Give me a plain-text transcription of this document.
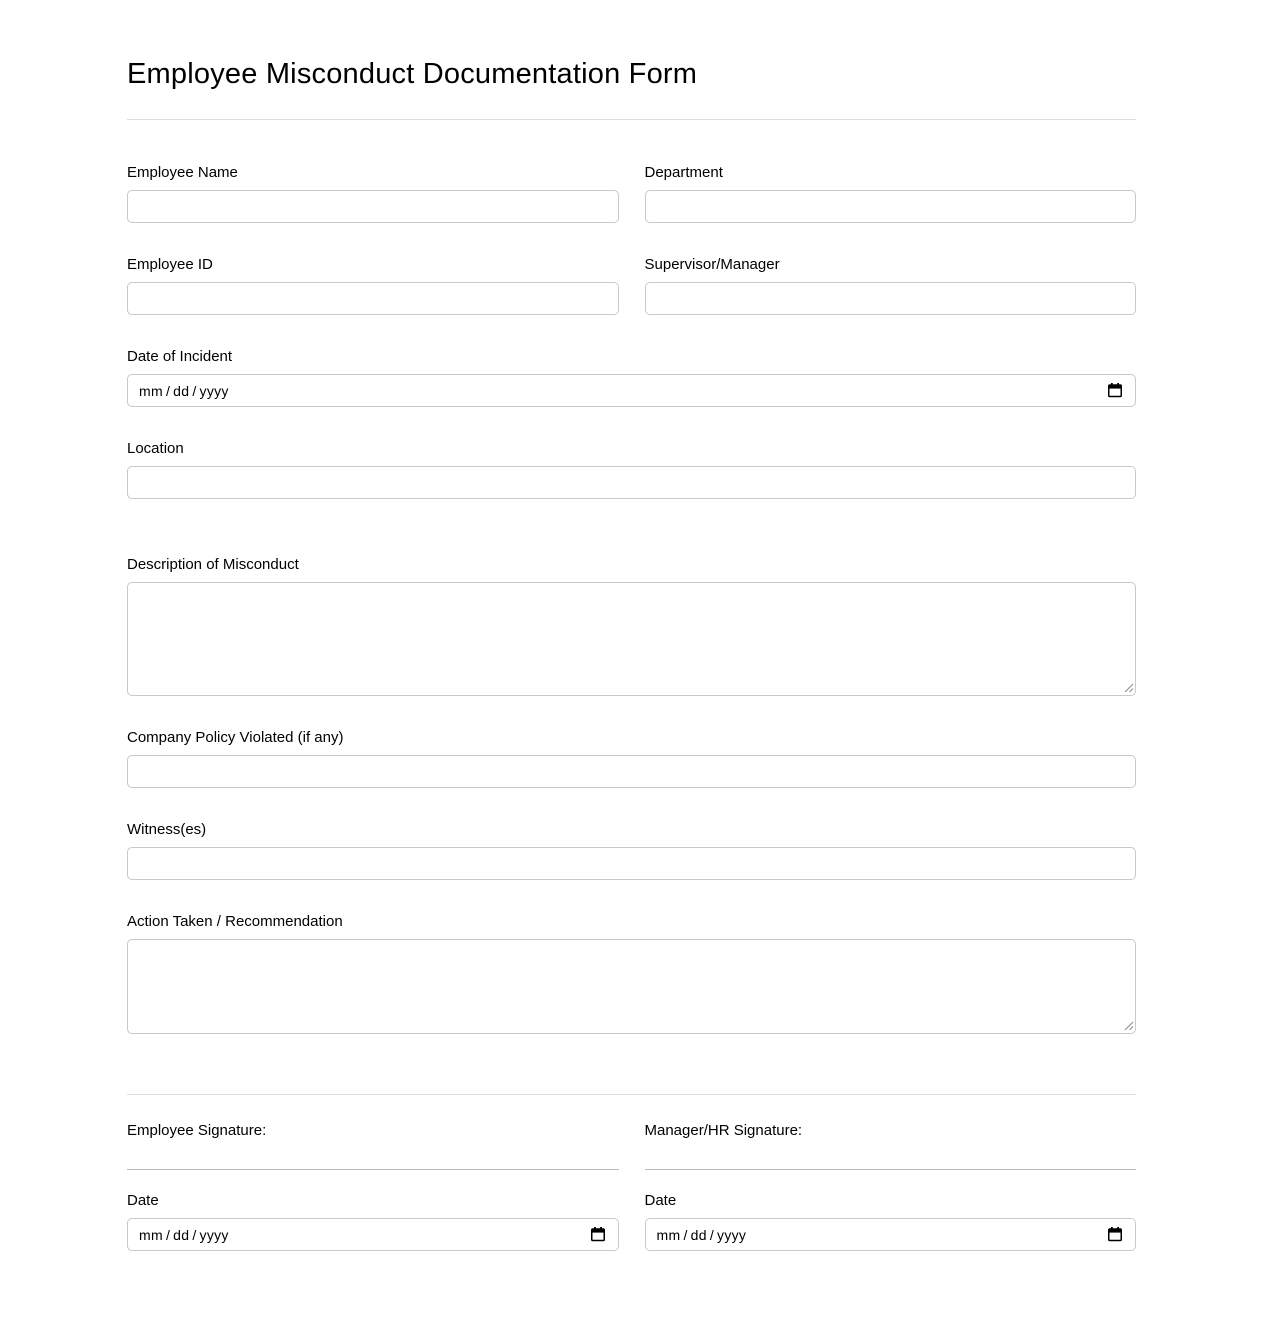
Employee Misconduct Documentation Form
Employee Name	Department
Employee ID	Supervisor/Manager
Date of Incident
mm / dd / yyyy
Location
Description of Misconduct
Company Policy Violated (if any)
Witness(es)
Action Taken / Recommendation
Employee Signature:	Manager/HR Signature:
Date
mm / dd / yyyy
Date
mm / dd / yyyy
